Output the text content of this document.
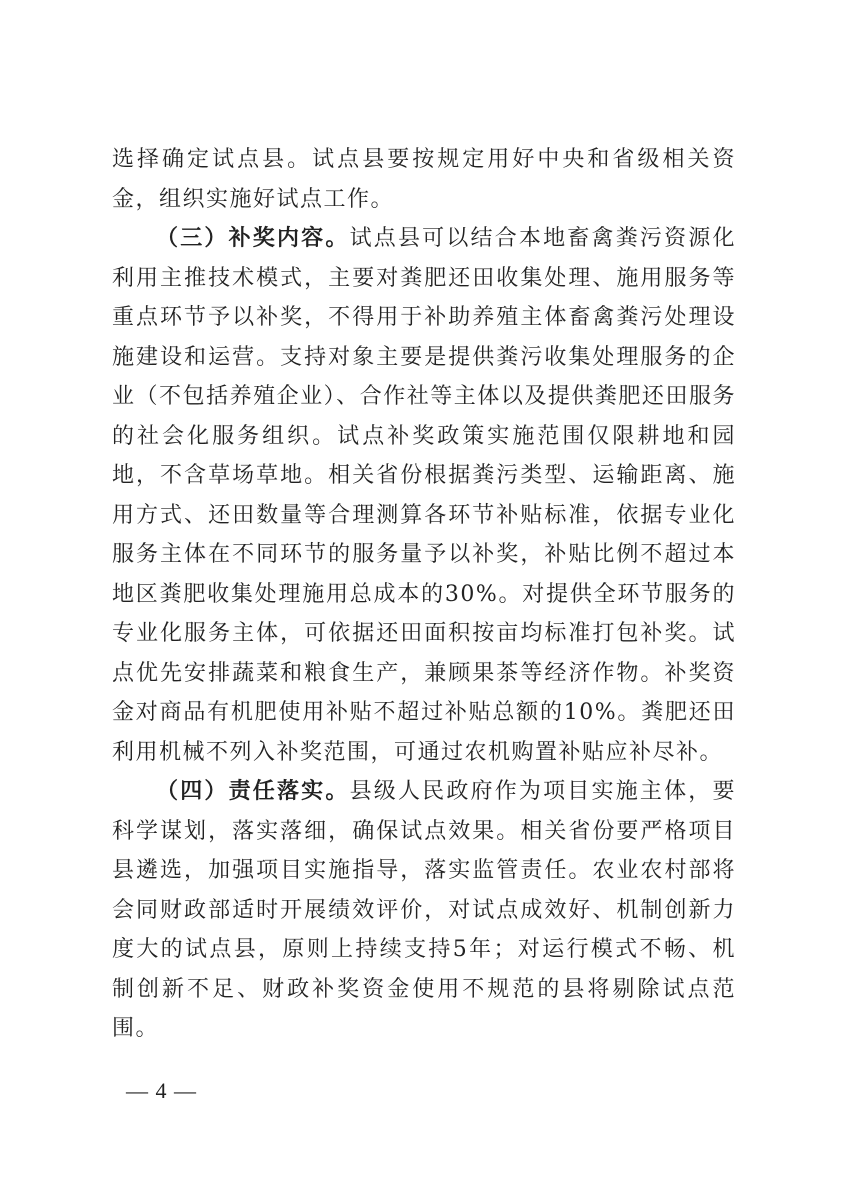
选择确定试点县。试点县要按规定用好中央和省级相关资金，组织实施好试点工作。

（三）补奖内容。试点县可以结合本地畜禽粪污资源化利用主推技术模式，主要对粪肥还田收集处理、施用服务等重点环节予以补奖，不得用于补助养殖主体畜禽粪污处理设施建设和运营。支持对象主要是提供粪污收集处理服务的企业（不包括养殖企业）、合作社等主体以及提供粪肥还田服务的社会化服务组织。试点补奖政策实施范围仅限耕地和园地，不含草场草地。相关省份根据粪污类型、运输距离、施用方式、还田数量等合理测算各环节补贴标准，依据专业化服务主体在不同环节的服务量予以补奖，补贴比例不超过本地区粪肥收集处理施用总成本的30%。对提供全环节服务的专业化服务主体，可依据还田面积按亩均标准打包补奖。试点优先安排蔬菜和粮食生产，兼顾果茶等经济作物。补奖资金对商品有机肥使用补贴不超过补贴总额的10%。粪肥还田利用机械不列入补奖范围，可通过农机购置补贴应补尽补。

（四）责任落实。县级人民政府作为项目实施主体，要科学谋划，落实落细，确保试点效果。相关省份要严格项目县遴选，加强项目实施指导，落实监管责任。农业农村部将会同财政部适时开展绩效评价，对试点成效好、机制创新力度大的试点县，原则上持续支持5年；对运行模式不畅、机制创新不足、财政补奖资金使用不规范的县将剔除试点范围。

— 4 —
